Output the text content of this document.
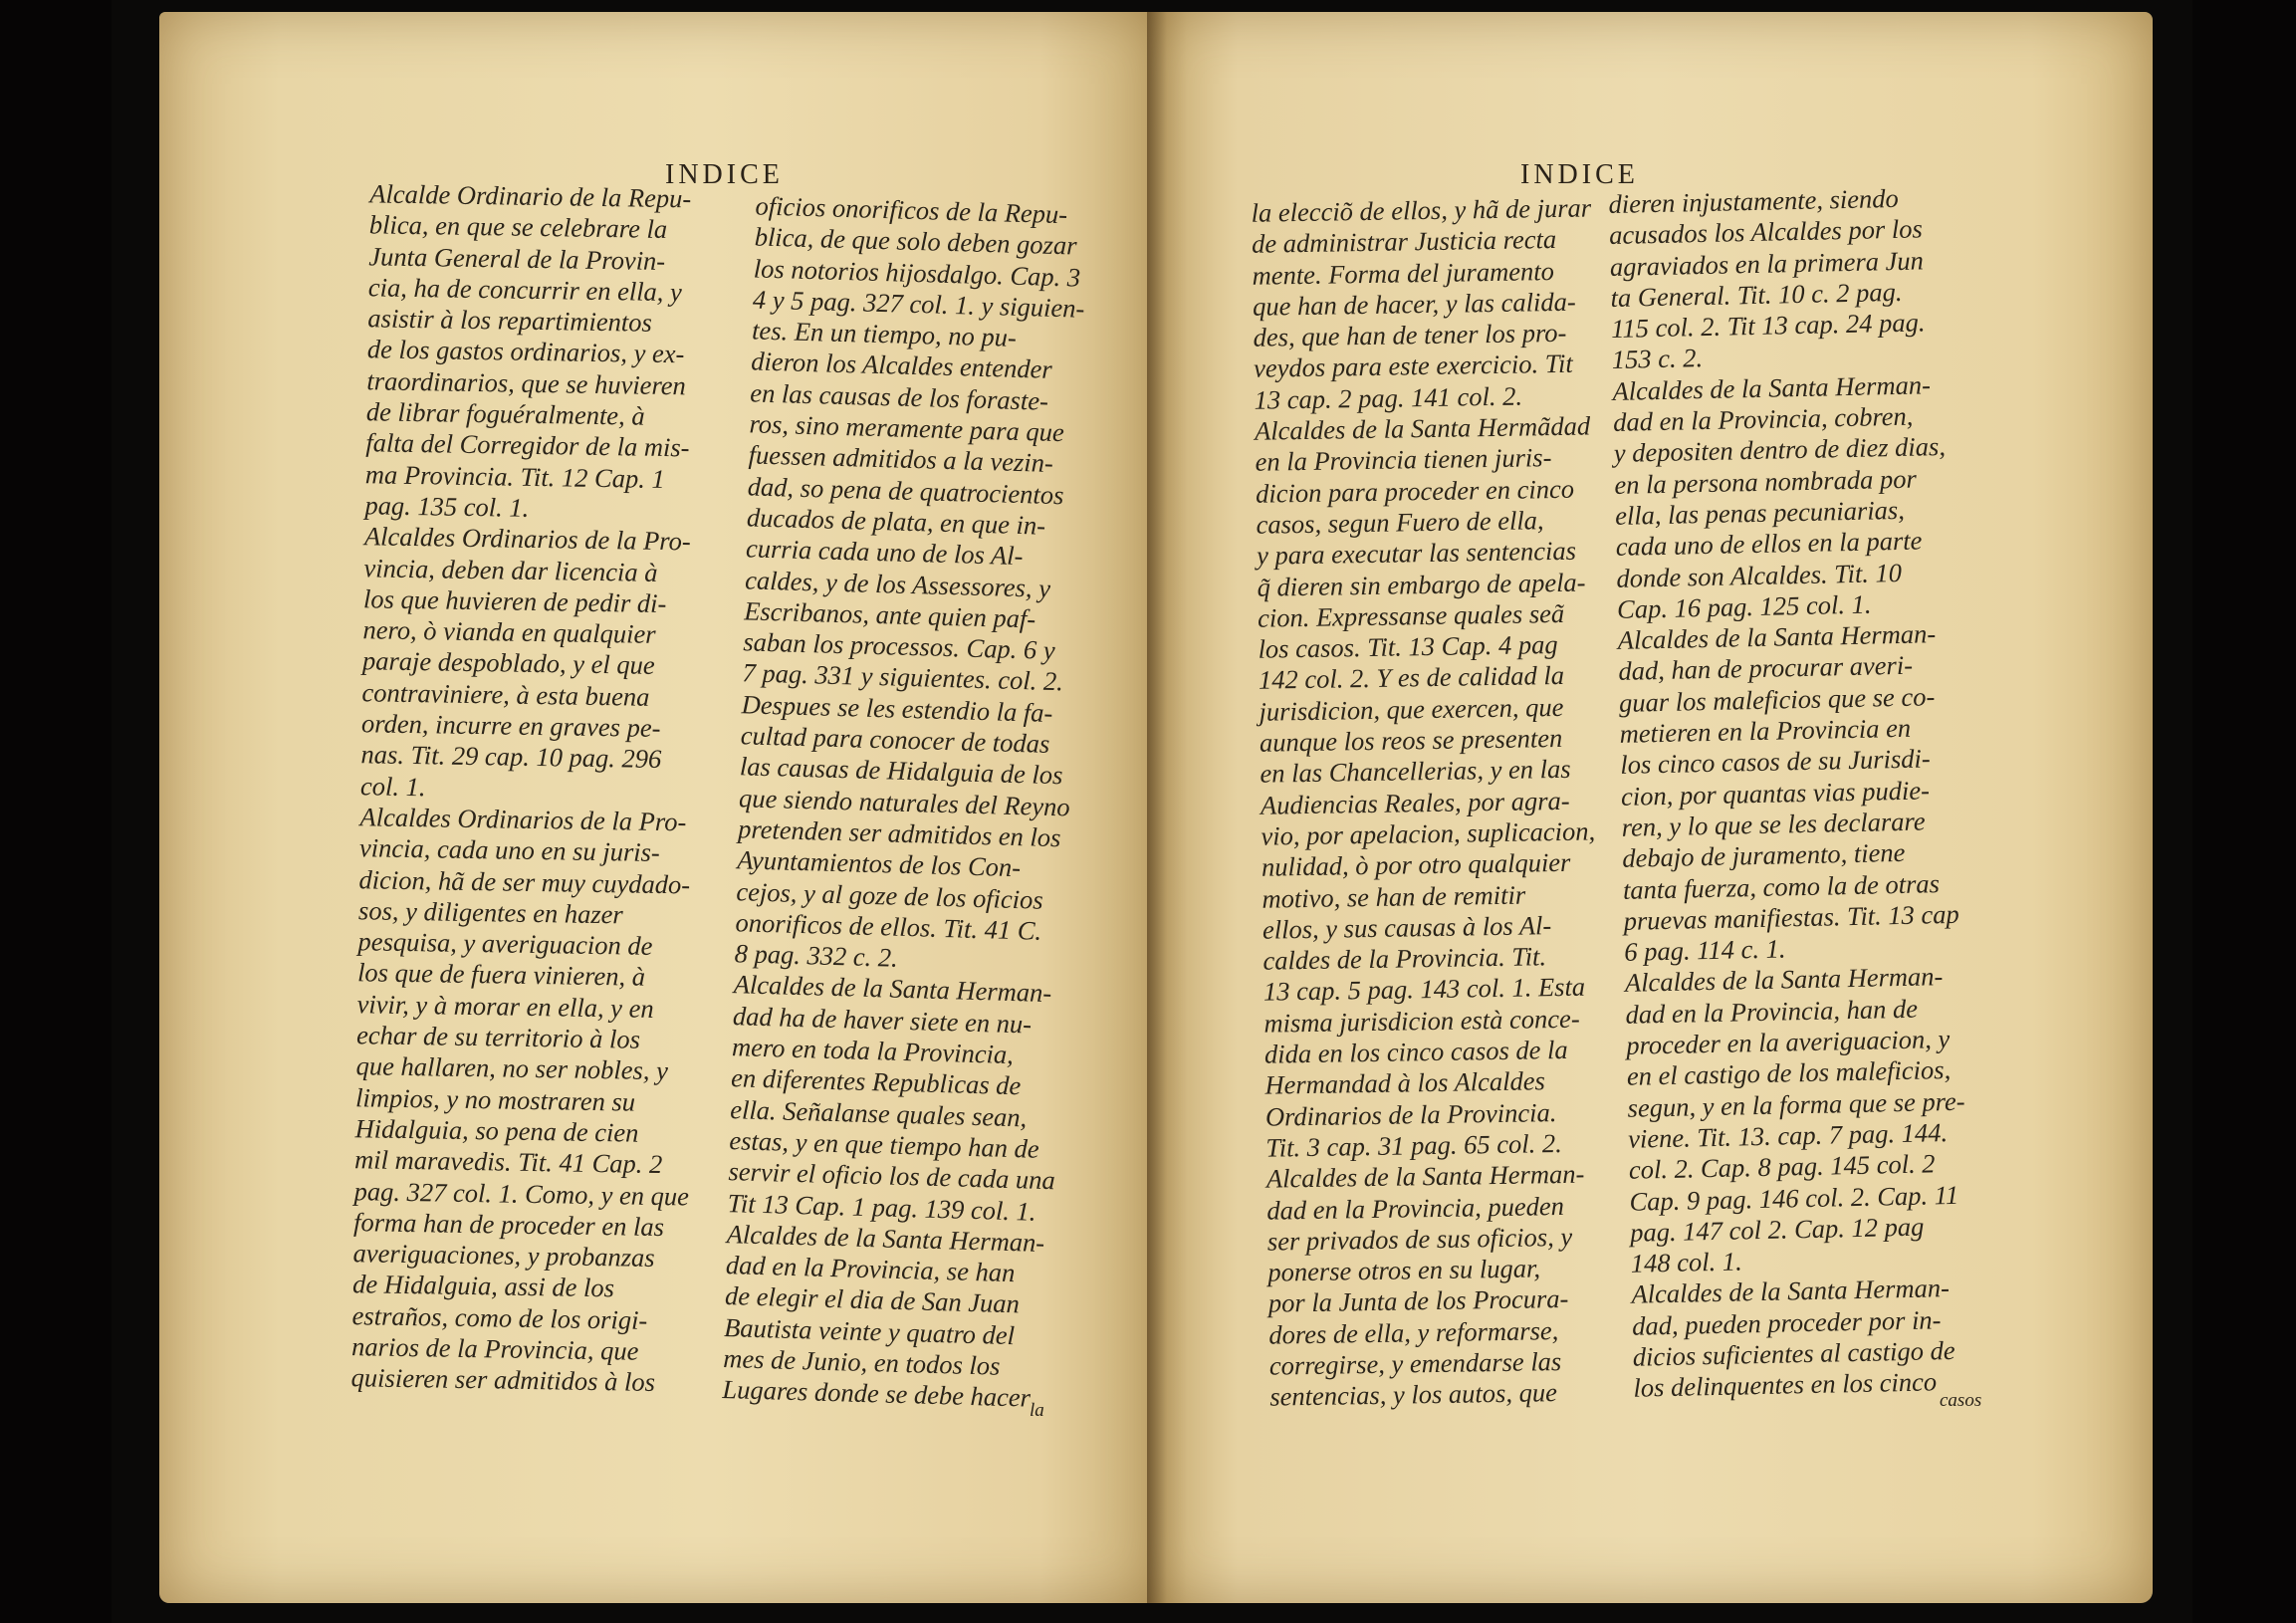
INDICE	INDICE

Alcalde Ordinario de la Repu-
blica, en que se celebrare la
Junta General de la Provin-
cia, ha de concurrir en ella, y
asistir à los repartimientos
de los gastos ordinarios, y ex-
traordinarios, que se huvieren
de librar foguéralmente, à
falta del Corregidor de la mis-
ma Provincia. Tit. 12 Cap. 1
pag. 135 col. 1.

Alcaldes Ordinarios de la Pro-
vincia, deben dar licencia à
los que huvieren de pedir di-
nero, ò vianda en qualquier
paraje despoblado, y el que
contraviniere, à esta buena
orden, incurre en graves pe-
nas. Tit. 29 cap. 10 pag. 296
col. 1.

Alcaldes Ordinarios de la Pro-
vincia, cada uno en su juris-
dicion, hã de ser muy cuydado-
sos, y diligentes en hazer
pesquisa, y averiguacion de
los que de fuera vinieren, à
vivir, y à morar en ella, y en
echar de su territorio à los
que hallaren, no ser nobles, y
limpios, y no mostraren su
Hidalguia, so pena de cien
mil maravedis. Tit. 41 Cap. 2
pag. 327 col. 1. Como, y en que
forma han de proceder en las
averiguaciones, y probanzas
de Hidalguia, assi de los
estraños, como de los origi-
narios de la Provincia, que
quisieren ser admitidos à los

oficios onorificos de la Repu-
blica, de que solo deben gozar
los notorios hijosdalgo. Cap. 3
4 y 5 pag. 327 col. 1. y siguien-
tes. En un tiempo, no pu-
dieron los Alcaldes entender
en las causas de los foraste-
ros, sino meramente para que
fuessen admitidos a la vezin-
dad, so pena de quatrocientos
ducados de plata, en que in-
curria cada uno de los Al-
caldes, y de los Assessores, y
Escribanos, ante quien paf-
saban los processos. Cap. 6 y
7 pag. 331 y siguientes. col. 2.
Despues se les estendio la fa-
cultad para conocer de todas
las causas de Hidalguia de los
que siendo naturales del Reyno
pretenden ser admitidos en los
Ayuntamientos de los Con-
cejos, y al goze de los oficios
onorificos de ellos. Tit. 41 C.
8 pag. 332 c. 2.

Alcaldes de la Santa Herman-
dad ha de haver siete en nu-
mero en toda la Provincia,
en diferentes Republicas de
ella. Señalanse quales sean,
estas, y en que tiempo han de
servir el oficio los de cada una
Tit 13 Cap. 1 pag. 139 col. 1.

Alcaldes de la Santa Herman-
dad en la Provincia, se han
de elegir el dia de San Juan
Bautista veinte y quatro del
mes de Junio, en todos los
Lugares donde se debe hacer

la elecciõ de ellos, y hã de jurar
de administrar Justicia recta
mente. Forma del juramento
que han de hacer, y las calida-
des, que han de tener los pro-
veydos para este exercicio. Tit
13 cap. 2 pag. 141 col. 2.

Alcaldes de la Santa Hermãdad
en la Provincia tienen juris-
dicion para proceder en cinco
casos, segun Fuero de ella,
y para executar las sentencias
q̃ dieren sin embargo de apela-
cion. Expressanse quales seã
los casos. Tit. 13 Cap. 4 pag
142 col. 2. Y es de calidad la
jurisdicion, que exercen, que
aunque los reos se presenten
en las Chancellerias, y en las
Audiencias Reales, por agra-
vio, por apelacion, suplicacion,
nulidad, ò por otro qualquier
motivo, se han de remitir
ellos, y sus causas à los Al-
caldes de la Provincia. Tit.
13 cap. 5 pag. 143 col. 1. Esta
misma jurisdicion està conce-
dida en los cinco casos de la
Hermandad à los Alcaldes
Ordinarios de la Provincia.
Tit. 3 cap. 31 pag. 65 col. 2.

Alcaldes de la Santa Herman-
dad en la Provincia, pueden
ser privados de sus oficios, y
ponerse otros en su lugar,
por la Junta de los Procura-
dores de ella, y reformarse,
corregirse, y emendarse las
sentencias, y los autos, que

dieren injustamente, siendo
acusados los Alcaldes por los
agraviados en la primera Jun
ta General. Tit. 10 c. 2 pag.
115 col. 2. Tit 13 cap. 24 pag.
153 c. 2.

Alcaldes de la Santa Herman-
dad en la Provincia, cobren,
y depositen dentro de diez dias,
en la persona nombrada por
ella, las penas pecuniarias,
cada uno de ellos en la parte
donde son Alcaldes. Tit. 10
Cap. 16 pag. 125 col. 1.

Alcaldes de la Santa Herman-
dad, han de procurar averi-
guar los maleficios que se co-
metieren en la Provincia en
los cinco casos de su Jurisdi-
cion, por quantas vias pudie-
ren, y lo que se les declarare
debajo de juramento, tiene
tanta fuerza, como la de otras
pruevas manifiestas. Tit. 13 cap
6 pag. 114 c. 1.

Alcaldes de la Santa Herman-
dad en la Provincia, han de
proceder en la averiguacion, y
en el castigo de los maleficios,
segun, y en la forma que se pre-
viene. Tit. 13. cap. 7 pag. 144.
col. 2. Cap. 8 pag. 145 col. 2
Cap. 9 pag. 146 col. 2. Cap. 11
pag. 147 col 2. Cap. 12 pag
148 col. 1.

Alcaldes de la Santa Herman-
dad, pueden proceder por in-
dicios suficientes al castigo de
los delinquentes en los cinco

la	casos
